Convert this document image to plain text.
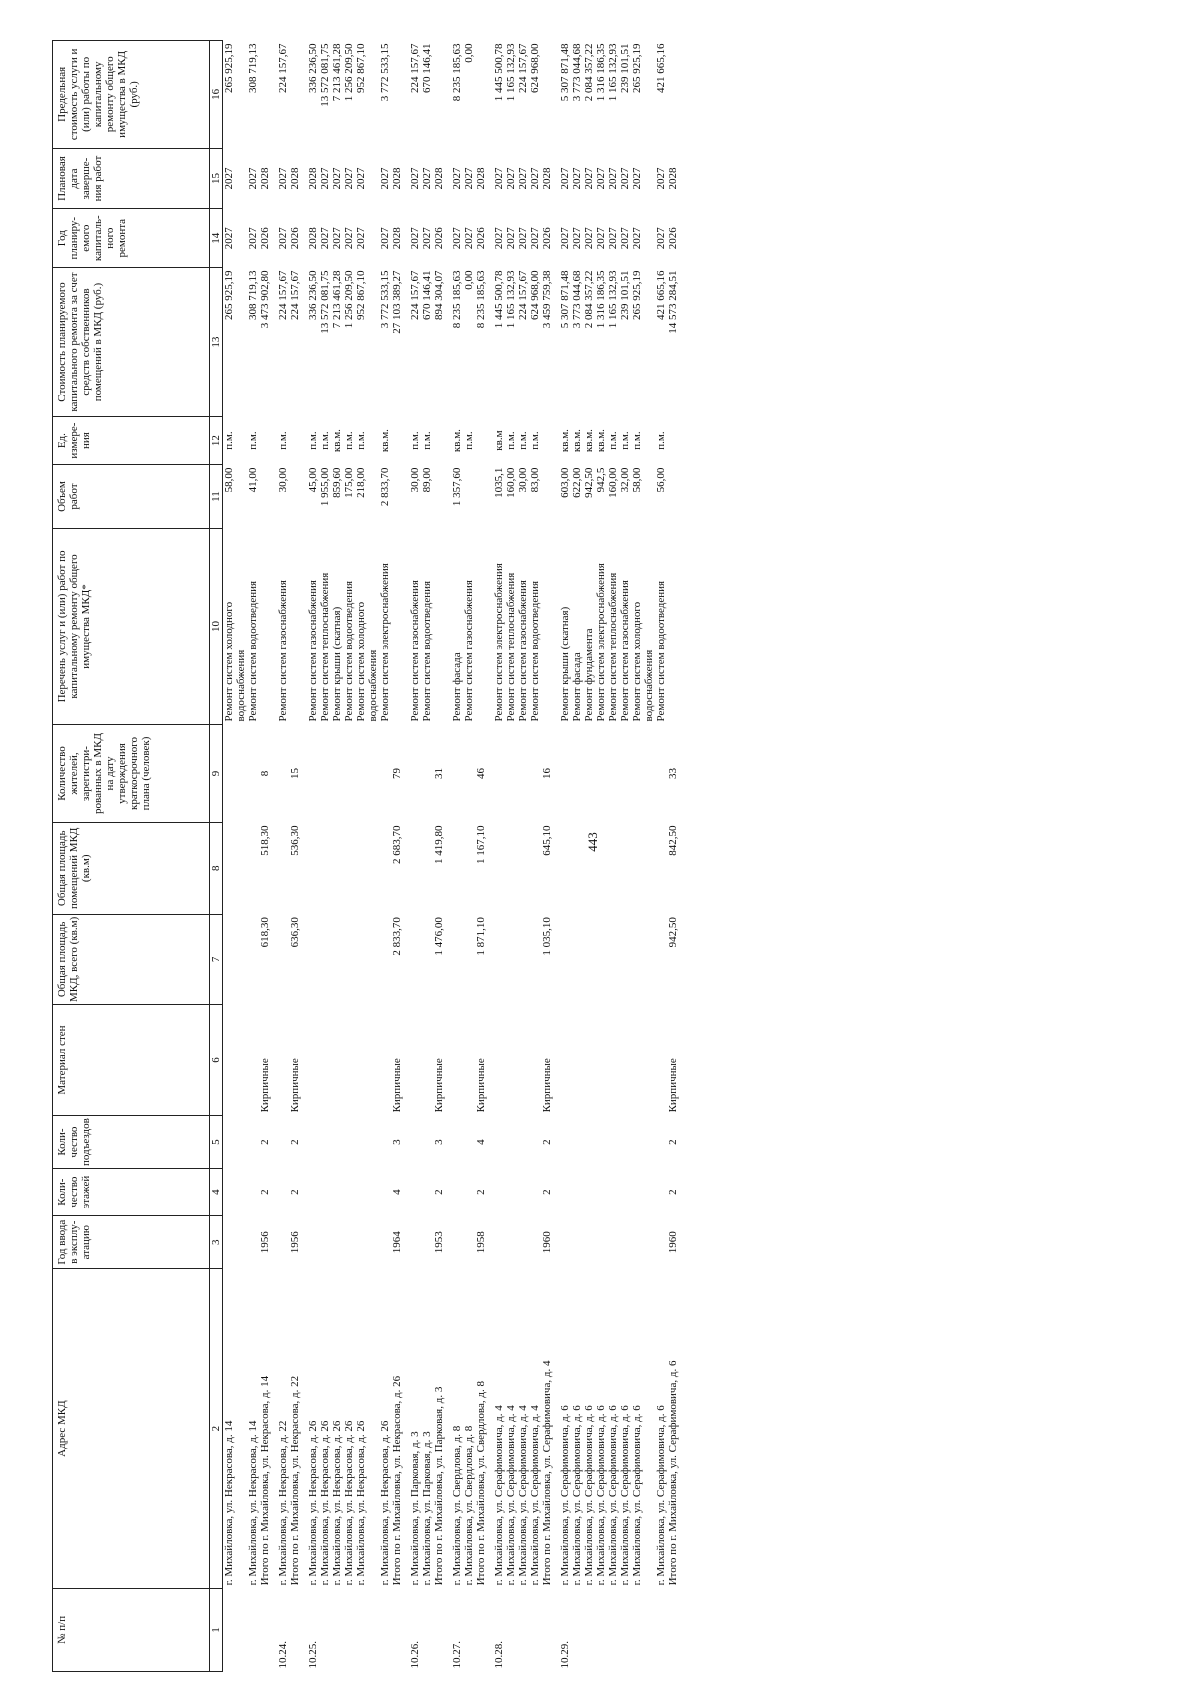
443
№ п/п	Адрес МКД	Год ввода в эксплу-атацию	Коли-чество этажей	Коли-чество подъездов	Материал стен	Общая площадь МКД, всего (кв.м)	Общая площадь помещений МКД (кв.м)	Количество жителей, зарегистри-рованных в МКД на дату утверждения краткосрочного плана (человек)	Перечень услуг и (или) работ по капитальному ремонту общего имущества МКД*	Объем работ	Ед. измере-ния	Стоимость планируемого капитального ремонта за счет средств собственников помещений в МКД (руб.)	Год планиру-емого капиталь-ного ремонта	Плановая дата заверше-ния работ	Предельная стоимость услуги и (или) работы по капитальному ремонту общего имущества в МКД (руб.)
1	2	3	4	5	6	7	8	9	10	11	12	13	14	15	16
	г. Михайловка, ул. Некрасова, д. 14								Ремонт систем холодного водоснабжения	58,00	п.м.	265 925,19	2027	2027	265 925,19
	г. Михайловка, ул. Некрасова, д. 14								Ремонт систем водоотведения	41,00	п.м.	308 719,13	2027	2027	308 719,13
	Итого по г. Михайловка, ул. Некрасова, д. 14	1956	2	2	Кирпичные	618,30	518,30	8				3 473 902,80	2026	2028	

10.24.	г. Михайловка, ул. Некрасова, д. 22								Ремонт систем газоснабжения	30,00	п.м.	224 157,67	2027	2027	224 157,67
	Итого по г. Михайловка, ул. Некрасова, д. 22	1956	2	2	Кирпичные	636,30	536,30	15				224 157,67	2026	2028	

10.25.	г. Михайловка, ул. Некрасова, д. 26								Ремонт систем газоснабжения	45,00	п.м.	336 236,50	2028	2028	336 236,50
	г. Михайловка, ул. Некрасова, д. 26								Ремонт систем теплоснабжения	1 955,00	п.м.	13 572 081,75	2027	2027	13 572 081,75
	г. Михайловка, ул. Некрасова, д. 26								Ремонт крыши (скатная)	859,60	кв.м.	7 213 461,28	2027	2027	7 213 461,28
	г. Михайловка, ул. Некрасова, д. 26								Ремонт систем водоотведения	175,00	п.м.	1 256 209,50	2027	2027	1 256 209,50
	г. Михайловка, ул. Некрасова, д. 26								Ремонт систем холодного водоснабжения	218,00	п.м.	952 867,10	2027	2027	952 867,10
	г. Михайловка, ул. Некрасова, д. 26								Ремонт систем электроснабжения	2 833,70	кв.м.	3 772 533,15	2027	2027	3 772 533,15
	Итого по г. Михайловка, ул. Некрасова, д. 26	1964	4	3	Кирпичные	2 833,70	2 683,70	79				27 103 389,27	2028	2028	

10.26.	г. Михайловка, ул. Парковая, д. 3								Ремонт систем газоснабжения	30,00	п.м.	224 157,67	2027	2027	224 157,67
	г. Михайловка, ул. Парковая, д. 3								Ремонт систем водоотведения	89,00	п.м.	670 146,41	2027	2027	670 146,41
	Итого по г. Михайловка, ул. Парковая, д. 3	1953	2	3	Кирпичные	1 476,00	1 419,80	31				894 304,07	2026	2028	

10.27.	г. Михайловка, ул. Свердлова, д. 8								Ремонт фасада	1 357,60	кв.м.	8 235 185,63	2027	2027	8 235 185,63
	г. Михайловка, ул. Свердлова, д. 8								Ремонт систем газоснабжения		п.м.	0,00	2027	2027	0,00
	Итого по г. Михайловка, ул. Свердлова, д. 8	1958	2	4	Кирпичные	1 871,10	1 167,10	46				8 235 185,63	2026	2028	

10.28.	г. Михайловка, ул. Серафимовича, д. 4								Ремонт систем электроснабжения	1035,1	кв.м	1 445 500,78	2027	2027	1 445 500,78
	г. Михайловка, ул. Серафимовича, д. 4								Ремонт систем теплоснабжения	160,00	п.м.	1 165 132,93	2027	2027	1 165 132,93
	г. Михайловка, ул. Серафимовича, д. 4								Ремонт систем газоснабжения	30,00	п.м.	224 157,67	2027	2027	224 157,67
	г. Михайловка, ул. Серафимовича, д. 4								Ремонт систем водоотведения	83,00	п.м.	624 968,00	2027	2027	624 968,00
	Итого по г. Михайловка, ул. Серафимовича, д. 4	1960	2	2	Кирпичные	1 035,10	645,10	16				3 459 759,38	2026	2028	

10.29.	г. Михайловка, ул. Серафимовича, д. 6								Ремонт крыши (скатная)	603,00	кв.м.	5 307 871,48	2027	2027	5 307 871,48
	г. Михайловка, ул. Серафимовича, д. 6								Ремонт фасада	622,00	кв.м.	3 773 044,68	2027	2027	3 773 044,68
	г. Михайловка, ул. Серафимовича, д. 6								Ремонт фундамента	942,50	кв.м.	2 084 357,22	2027	2027	2 084 357,22
	г. Михайловка, ул. Серафимовича, д. 6								Ремонт систем электроснабжения	942,5	кв.м.	1 316 186,35	2027	2027	1 316 186,35
	г. Михайловка, ул. Серафимовича, д. 6								Ремонт систем теплоснабжения	160,00	п.м.	1 165 132,93	2027	2027	1 165 132,93
	г. Михайловка, ул. Серафимовича, д. 6								Ремонт систем газоснабжения	32,00	п.м.	239 101,51	2027	2027	239 101,51
	г. Михайловка, ул. Серафимовича, д. 6								Ремонт систем холодного водоснабжения	58,00	п.м.	265 925,19	2027	2027	265 925,19
	г. Михайловка, ул. Серафимовича, д. 6								Ремонт систем водоотведения	56,00	п.м.	421 665,16	2027	2027	421 665,16
	Итого по г. Михайловка, ул. Серафимовича, д. 6	1960	2	2	Кирпичные	942,50	842,50	33				14 573 284,51	2026	2028	
